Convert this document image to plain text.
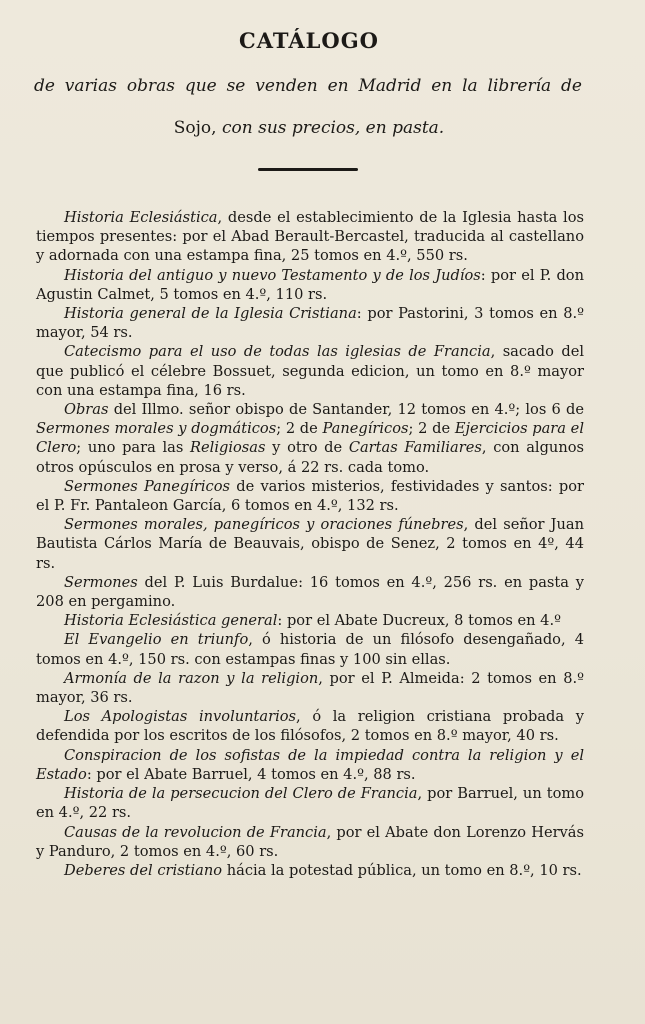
CATÁLOGO
de varias obras que se venden en Madrid en la librería de
Sojo, con sus precios, en pasta.

Historia Eclesiástica, desde el establecimiento de la Iglesia hasta los tiempos presentes: por el Abad Berault-Bercastel, traducida al castellano y adornada con una estampa fina, 25 tomos en 4.º, 550 rs.

Historia del antiguo y nuevo Testamento y de los Judíos: por el P. don Agustin Calmet, 5 tomos en 4.º, 110 rs.

Historia general de la Iglesia Cristiana: por Pastorini, 3 tomos en 8.º mayor, 54 rs.

Catecismo para el uso de todas las iglesias de Francia, sacado del que publicó el célebre Bossuet, segunda edicion, un tomo en 8.º mayor con una estampa fina, 16 rs.

Obras del Illmo. señor obispo de Santander, 12 tomos en 4.º; los 6 de Sermones morales y dogmáticos; 2 de Panegíricos; 2 de Ejercicios para el Clero; uno para las Religiosas y otro de Cartas Familiares, con algunos otros opúsculos en prosa y verso, á 22 rs. cada tomo.

Sermones Panegíricos de varios misterios, festividades y santos: por el P. Fr. Pantaleon García, 6 tomos en 4.º, 132 rs.

Sermones morales, panegíricos y oraciones fúnebres, del señor Juan Bautista Cárlos María de Beauvais, obispo de Senez, 2 tomos en 4º, 44 rs.

Sermones del P. Luis Burdalue: 16 tomos en 4.º, 256 rs. en pasta y 208 en pergamino.

Historia Eclesiástica general: por el Abate Ducreux, 8 tomos en 4.º

El Evangelio en triunfo, ó historia de un filósofo desengañado, 4 tomos en 4.º, 150 rs. con estampas finas y 100 sin ellas.

Armonía de la razon y la religion, por el P. Almeida: 2 tomos en 8.º mayor, 36 rs.

Los Apologistas involuntarios, ó la religion cristiana probada y defendida por los escritos de los filósofos, 2 tomos en 8.º mayor, 40 rs.

Conspiracion de los sofistas de la impiedad contra la religion y el Estado: por el Abate Barruel, 4 tomos en 4.º, 88 rs.

Historia de la persecucion del Clero de Francia, por Barruel, un tomo en 4.º, 22 rs.

Causas de la revolucion de Francia, por el Abate don Lorenzo Hervás y Panduro, 2 tomos en 4.º, 60 rs.

Deberes del cristiano hácia la potestad pública, un tomo en 8.º, 10 rs.
